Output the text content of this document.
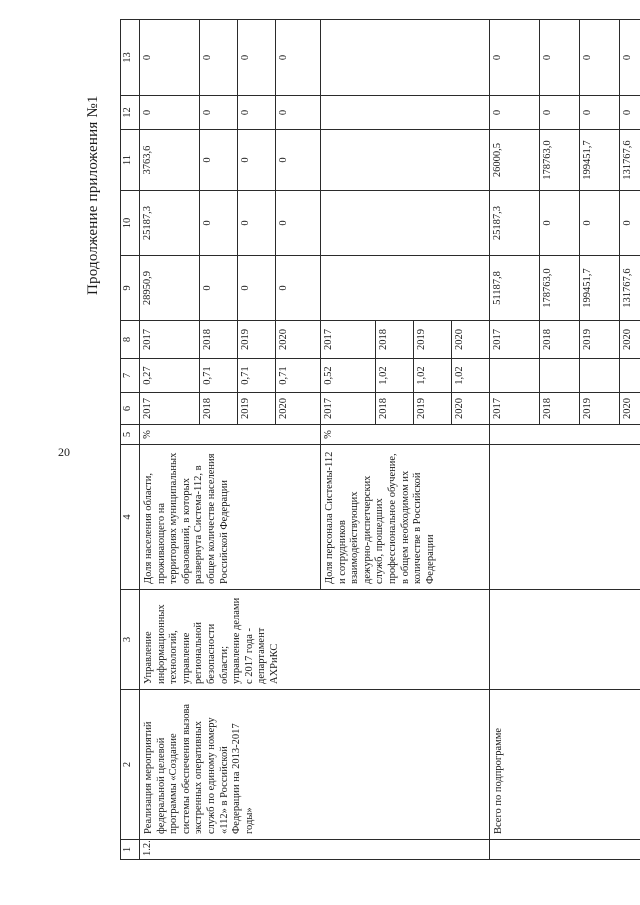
20
Продолжение приложения №1
1	2	3	4	5	6	7	8	9	10	11	12	13
1.2.	Реализация мероприятий федеральной целевой программы «Создание системы обеспечения вызова экстренных оперативных служб по единому номеру «112» в Российской Федерации на 2013-2017 годы»	Управление информационных технологий, управление региональной безопасности области; управление делами с 2017 года - департамент АХРиКС	Доля населения области, проживающего на территориях муниципальных образований, в которых развернута Система-112, в общем количестве населения Российской Федерации	%	2017	0,27	2017	28950,9	25187,3	3763,6	0	0
					2018	0,71	2018	0	0	0	0	0
					2019	0,71	2019	0	0	0	0	0
					2020	0,71	2020	0	0	0	0	0
			Доля персонала Системы-112 и сотрудников взаимодействующих дежурно-диспетчерских служб, прошедших профессиональное обучение, в общем необходимом их количестве в Российской Федерации	%	2017	0,52	2017					
					2018	1,02	2018					
					2019	1,02	2019					
					2020	1,02	2020					
	Всего по подпрограмме				2017		2017	51187,8	25187,3	26000,5	0	0
					2018		2018	178763,0	0	178763,0	0	0
					2019		2019	199451,7	0	199451,7	0	0
					2020		2020	131767,6	0	131767,6	0	0
